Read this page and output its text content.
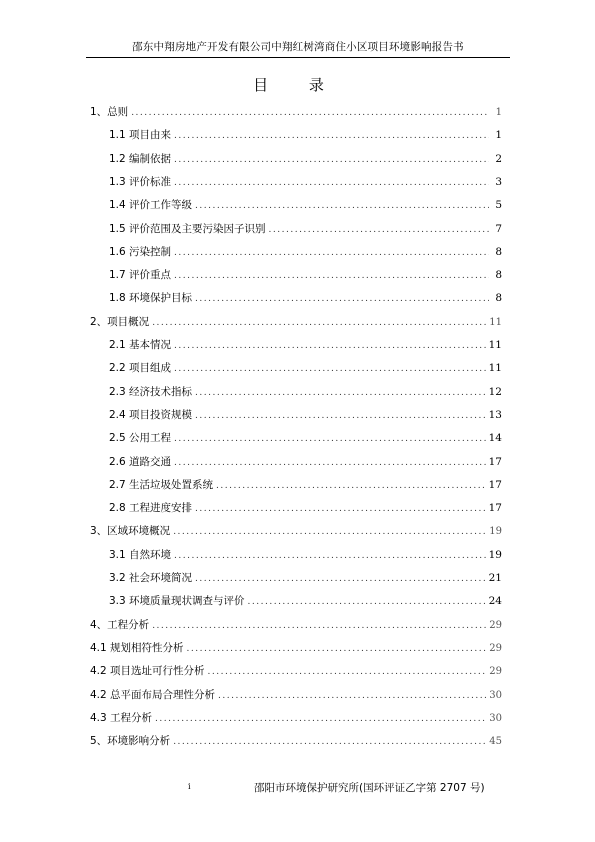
邵东中翔房地产开发有限公司中翔红树湾商住小区项目环境影响报告书
目 录
1、总则 .....	1
1.1 项目由来 .....	1
1.2 编制依据 .....	2
1.3 评价标准 .....	3
1.4 评价工作等级 .....	5
1.5 评价范围及主要污染因子识别 .....	7
1.6 污染控制 .....	8
1.7 评价重点 .....	8
1.8 环境保护目标 .....	8
2、项目概况 .....	11
2.1 基本情况 .....	11
2.2 项目组成 .....	11
2.3 经济技术指标 .....	12
2.4 项目投资规模 .....	13
2.5 公用工程 .....	14
2.6 道路交通 .....	17
2.7 生活垃圾处置系统 .....	17
2.8 工程进度安排 .....	17
3、区域环境概况 .....	19
3.1 自然环境 .....	19
3.2 社会环境简况 .....	21
3.3 环境质量现状调查与评价 .....	24
4、工程分析 .....	29
4.1 规划相符性分析 .....	29
4.2 项目选址可行性分析 .....	29
4.2 总平面布局合理性分析 .....	30
4.3 工程分析 .....	30
5、环境影响分析 .....	45
i	邵阳市环境保护研究所(国环评证乙字第 2707 号)
